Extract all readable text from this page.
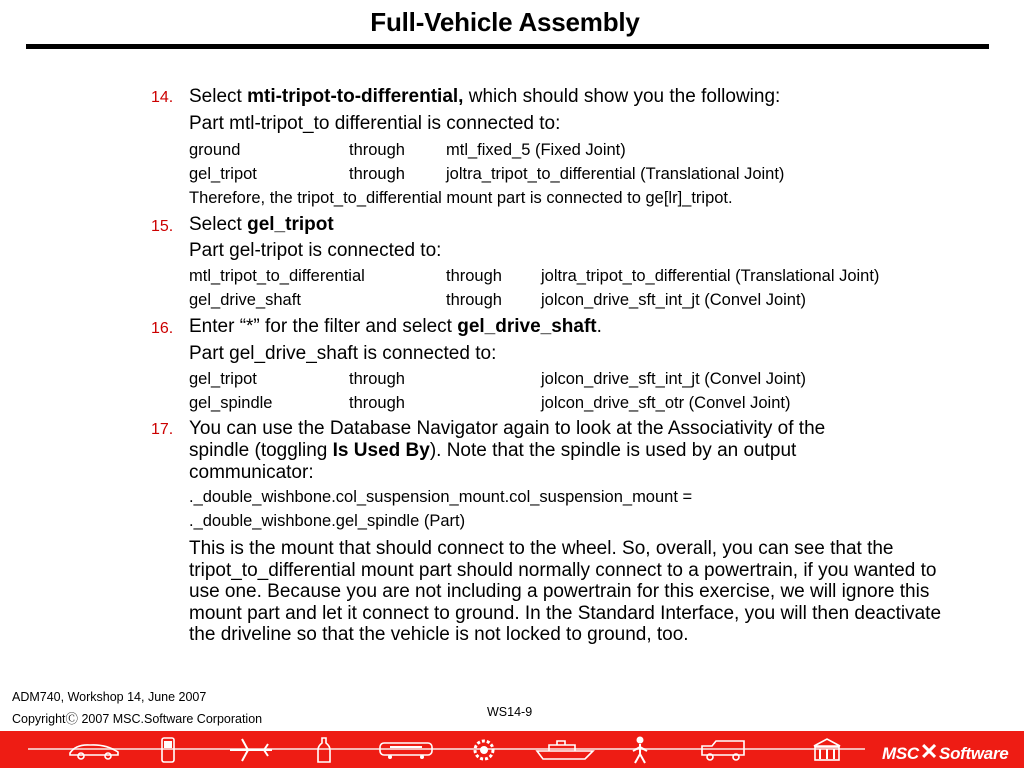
Full-Vehicle Assembly
14. Select mti-tripot-to-differential, which should show you the following:
Part mtl-tripot_to differential is connected to:
ground	through mtl_fixed_5 (Fixed Joint)
gel_tripot	through joltra_tripot_to_differential (Translational Joint)
Therefore, the tripot_to_differential mount part is connected to ge[lr]_tripot.
15. Select gel_tripot
Part gel-tripot is connected to:
mtl_tripot_to_differential	through joltra_tripot_to_differential (Translational Joint)
gel_drive_shaft	through jolcon_drive_sft_int_jt (Convel Joint)
16. Enter “*” for the filter and select gel_drive_shaft.
Part gel_drive_shaft is connected to:
gel_tripot	through	jolcon_drive_sft_int_jt (Convel Joint)
gel_spindle	through	jolcon_drive_sft_otr (Convel Joint)
17. You can use the Database Navigator again to look at the Associativity of the
spindle (toggling Is Used By). Note that the spindle is used by an output
communicator:
._double_wishbone.col_suspension_mount.col_suspension_mount =
._double_wishbone.gel_spindle (Part)
This is the mount that should connect to the wheel. So, overall, you can see that the tripot_to_differential mount part should normally connect to a powertrain, if you wanted to use one. Because you are not including a powertrain for this exercise, we will ignore this mount part and let it connect to ground. In the Standard Interface, you will then deactivate the driveline so that the vehicle is not locked to ground, too.
ADM740, Workshop 14, June 2007
CopyrightⒸ 2007 MSC.Software Corporation	WS14-9
MSC✕Software
